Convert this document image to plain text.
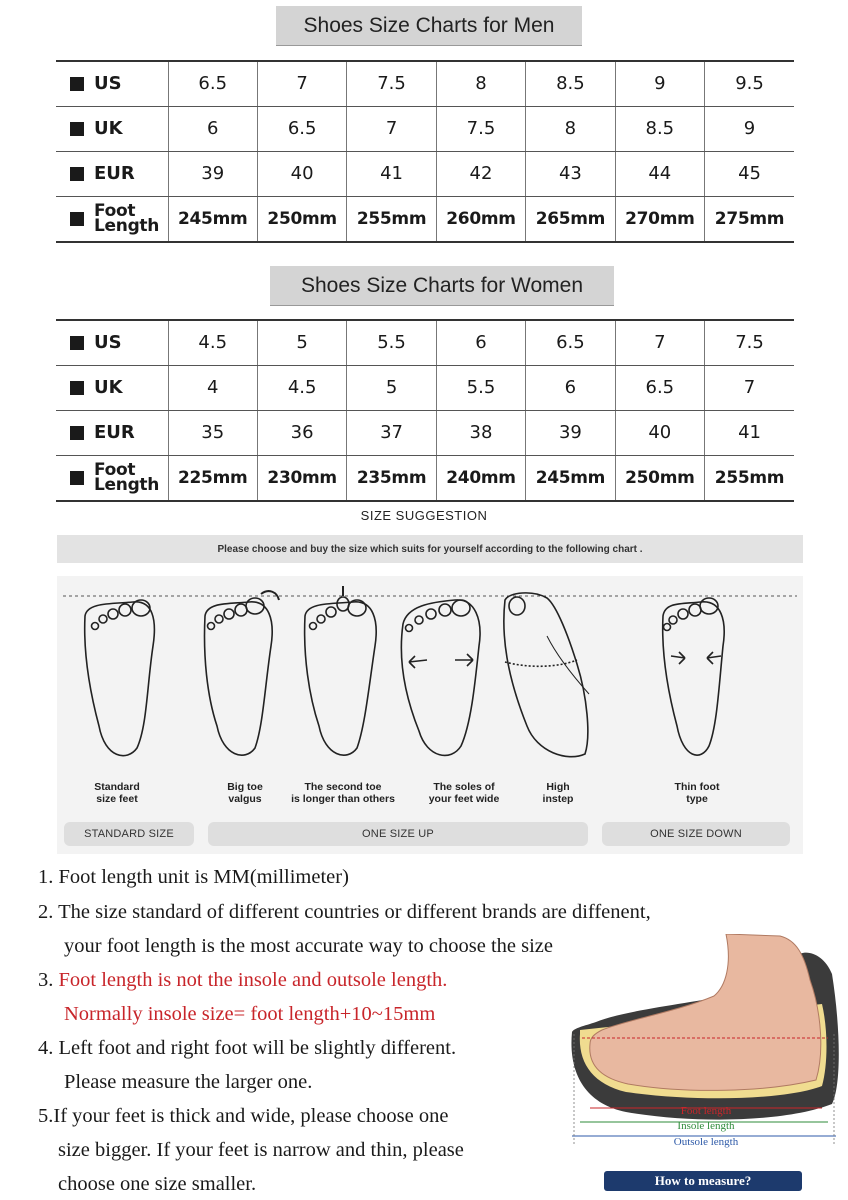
Shoes Size Charts for Men
US	6.5	7	7.5	8	8.5	9	9.5

UK	6	6.5	7	7.5	8	8.5	9

EUR	39	40	41	42	43	44	45

Foot
Length	245mm	250mm	255mm	260mm	265mm	270mm	275mm
Shoes Size Charts for Women
US	4.5	5	5.5	6	6.5	7	7.5

UK	4	4.5	5	5.5	6	6.5	7

EUR	35	36	37	38	39	40	41

Foot
Length	225mm	230mm	235mm	240mm	245mm	250mm	255mm
SIZE SUGGESTION
Please choose and buy the size which suits for yourself according to the following chart .
Standard
size feet
Big toe
valgus
The second toe
is longer than others
The soles of
your feet wide
High
instep
Thin foot
type
STANDARD SIZE	ONE SIZE UP	ONE SIZE DOWN
1. Foot length unit is MM(millimeter)
2. The size standard of different countries or different brands are diffenent,
your foot length is the most accurate way to choose the size
3. Foot length is not the insole and outsole length.
Normally insole size= foot length+10~15mm
4. Left foot and right foot will be slightly different.
Please measure the larger one.
5.If your feet is thick and wide, please choose one
size bigger. If your feet is narrow and thin, please
choose one size smaller.
Foot length
Insole length
Outsole length
How to measure?
